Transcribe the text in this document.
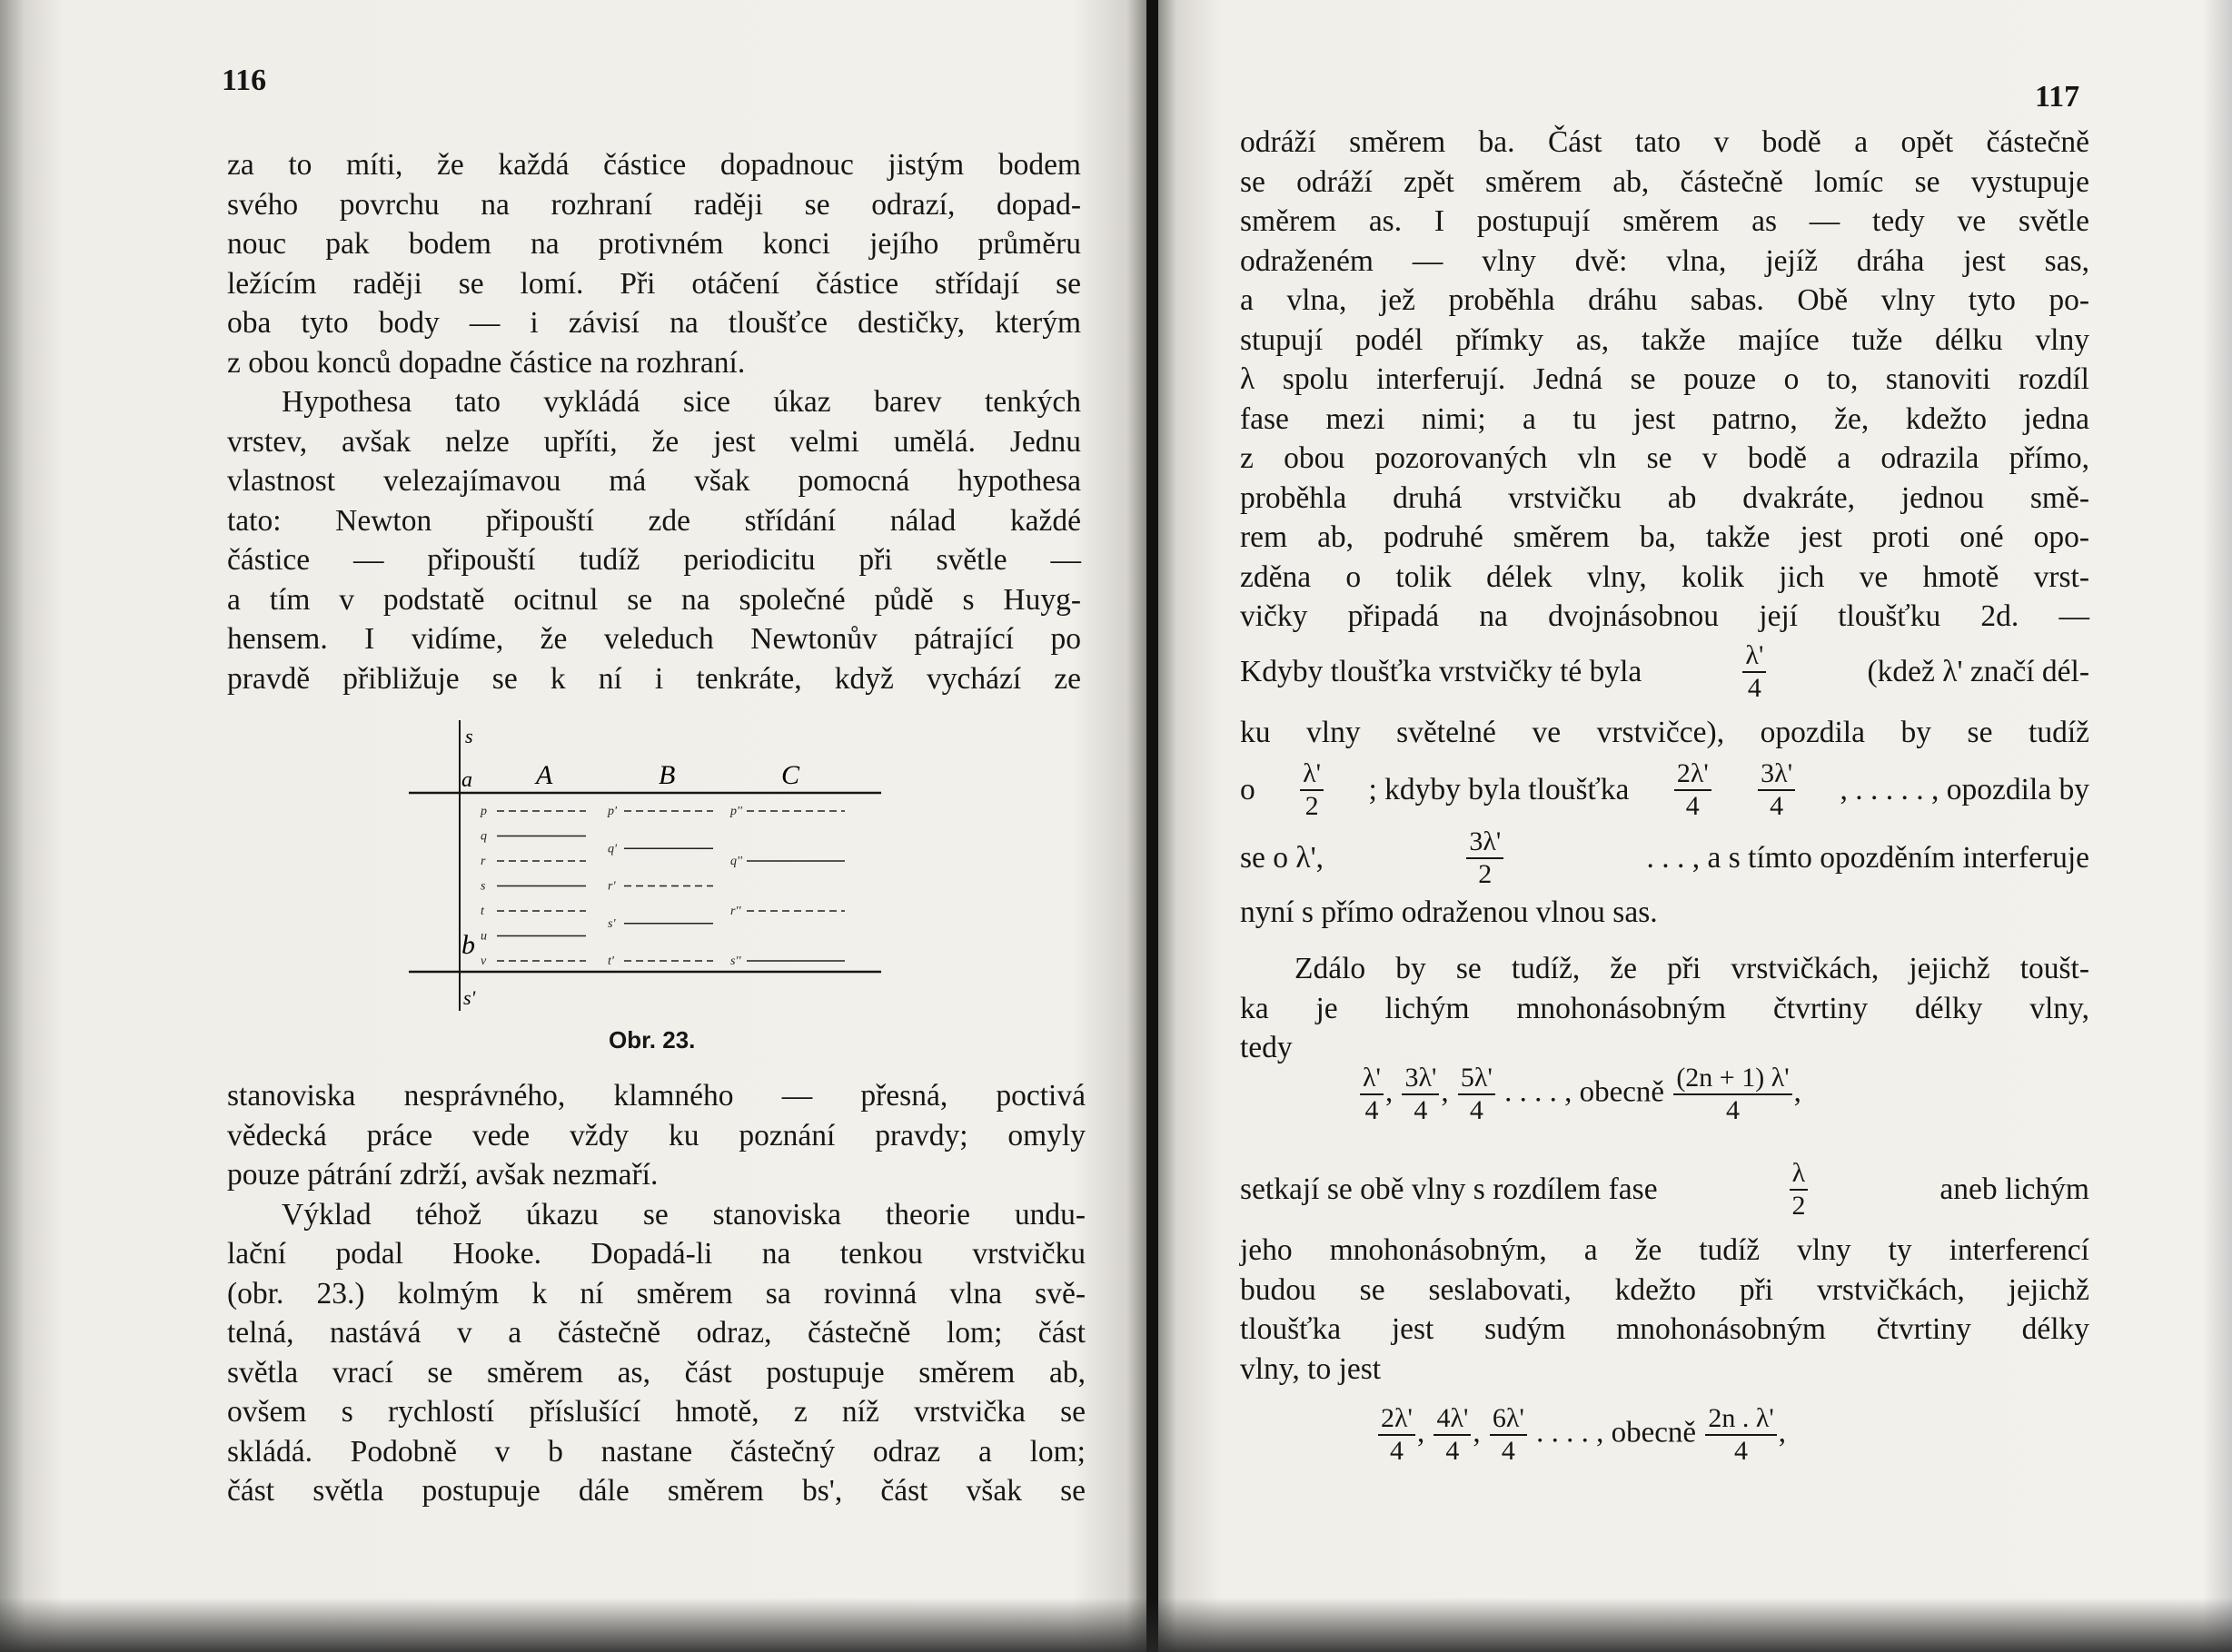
116
za to míti, že každá částice dopadnouc jistým bodem
svého povrchu na rozhraní raději se odrazí, dopad-
nouc pak bodem na protivném konci jejího průměru
ležícím raději se lomí. Při otáčení částice střídají se
oba tyto body — i závisí na tloušťce destičky, kterým
z obou konců dopadne částice na rozhraní.
Hypothesa tato vykládá sice úkaz barev tenkých
vrstev, avšak nelze upříti, že jest velmi umělá. Jednu
vlastnost velezajímavou má však pomocná hypothesa
tato: Newton připouští zde střídání nálad každé
částice — připouští tudíž periodicitu při světle —
a tím v podstatě ocitnul se na společné půdě s Huyg-
hensem. I vidíme, že veleduch Newtonův pátrající po
pravdě přibližuje se k ní i tenkráte, když vychází ze
s
a A	B	C
b
s'
p
q
r
s
t
u
v
p'
q'
r'
s'
t'
p''
q''
r''
s''
Obr. 23.
stanoviska nesprávného, klamného — přesná, poctivá
vědecká práce vede vždy ku poznání pravdy; omyly
pouze pátrání zdrží, avšak nezmaří.
Výklad téhož úkazu se stanoviska theorie undu-
lační podal Hooke. Dopadá-li na tenkou vrstvičku
(obr. 23.) kolmým k ní směrem sa rovinná vlna svě-
telná, nastává v a částečně odraz, částečně lom; část
světla vrací se směrem as, část postupuje směrem ab,
ovšem s rychlostí příslušící hmotě, z níž vrstvička se
skládá. Podobně v b nastane částečný odraz a lom;
část světla postupuje dále směrem bs', část však se
117
odráží směrem ba. Část tato v bodě a opět částečně
se odráží zpět směrem ab, částečně lomíc se vystupuje
směrem as. I postupují směrem as — tedy ve světle
odraženém — vlny dvě: vlna, jejíž dráha jest sas,
a vlna, jež proběhla dráhu sabas. Obě vlny tyto po-
stupují podél přímky as, takže majíce tuže délku vlny
λ spolu interferují. Jedná se pouze o to, stanoviti rozdíl
fase mezi nimi; a tu jest patrno, že, kdežto jedna
z obou pozorovaných vln se v bodě a odrazila přímo,
proběhla druhá vrstvičku ab dvakráte, jednou smě-
rem ab, podruhé směrem ba, takže jest proti oné opo-
zděna o tolik délek vlny, kolik jich ve hmotě vrst-
vičky připadá na dvojnásobnou její tloušťku 2d. —
Kdyby tloušťka vrstvičky té byla	$\frac{\lambda'}{4}$	(kdež λ' značí dél-
ku vlny světelné ve vrstvičce), opozdila by se tudíž
o $\frac{\lambda'}{2}$ ; kdyby byla tloušťka $\frac{2\lambda'}{4} \frac{3\lambda'}{4}$ , . . . . . , opozdila by
se o λ',	$\frac{3\lambda'}{2}$	. . . , a s tímto opozděním interferuje
nyní s přímo odraženou vlnou sas.
Zdálo by se tudíž, že při vrstvičkách, jejichž toušt-
ka je lichým mnohonásobným čtvrtiny délky vlny,
tedy
$\frac{\lambda'}{4}$ , $\frac{3\lambda'}{4}$ , $\frac{5\lambda'}{4}$ . . . . , obecně $\frac{(2n + 1) \lambda'}{4}$ ,
setkají se obě vlny s rozdílem fase	$\frac{\lambda}{2}$	aneb lichým
jeho mnohonásobným, a že tudíž vlny ty interferencí
budou se seslabovati, kdežto při vrstvičkách, jejichž
tloušťka jest sudým mnohonásobným čtvrtiny délky
vlny, to jest
$\frac{2\lambda'}{4}$ , $\frac{4\lambda'}{4}$ , $\frac{6\lambda'}{4}$ . . . . , obecně $\frac{2n . \lambda'}{4}$ ,
